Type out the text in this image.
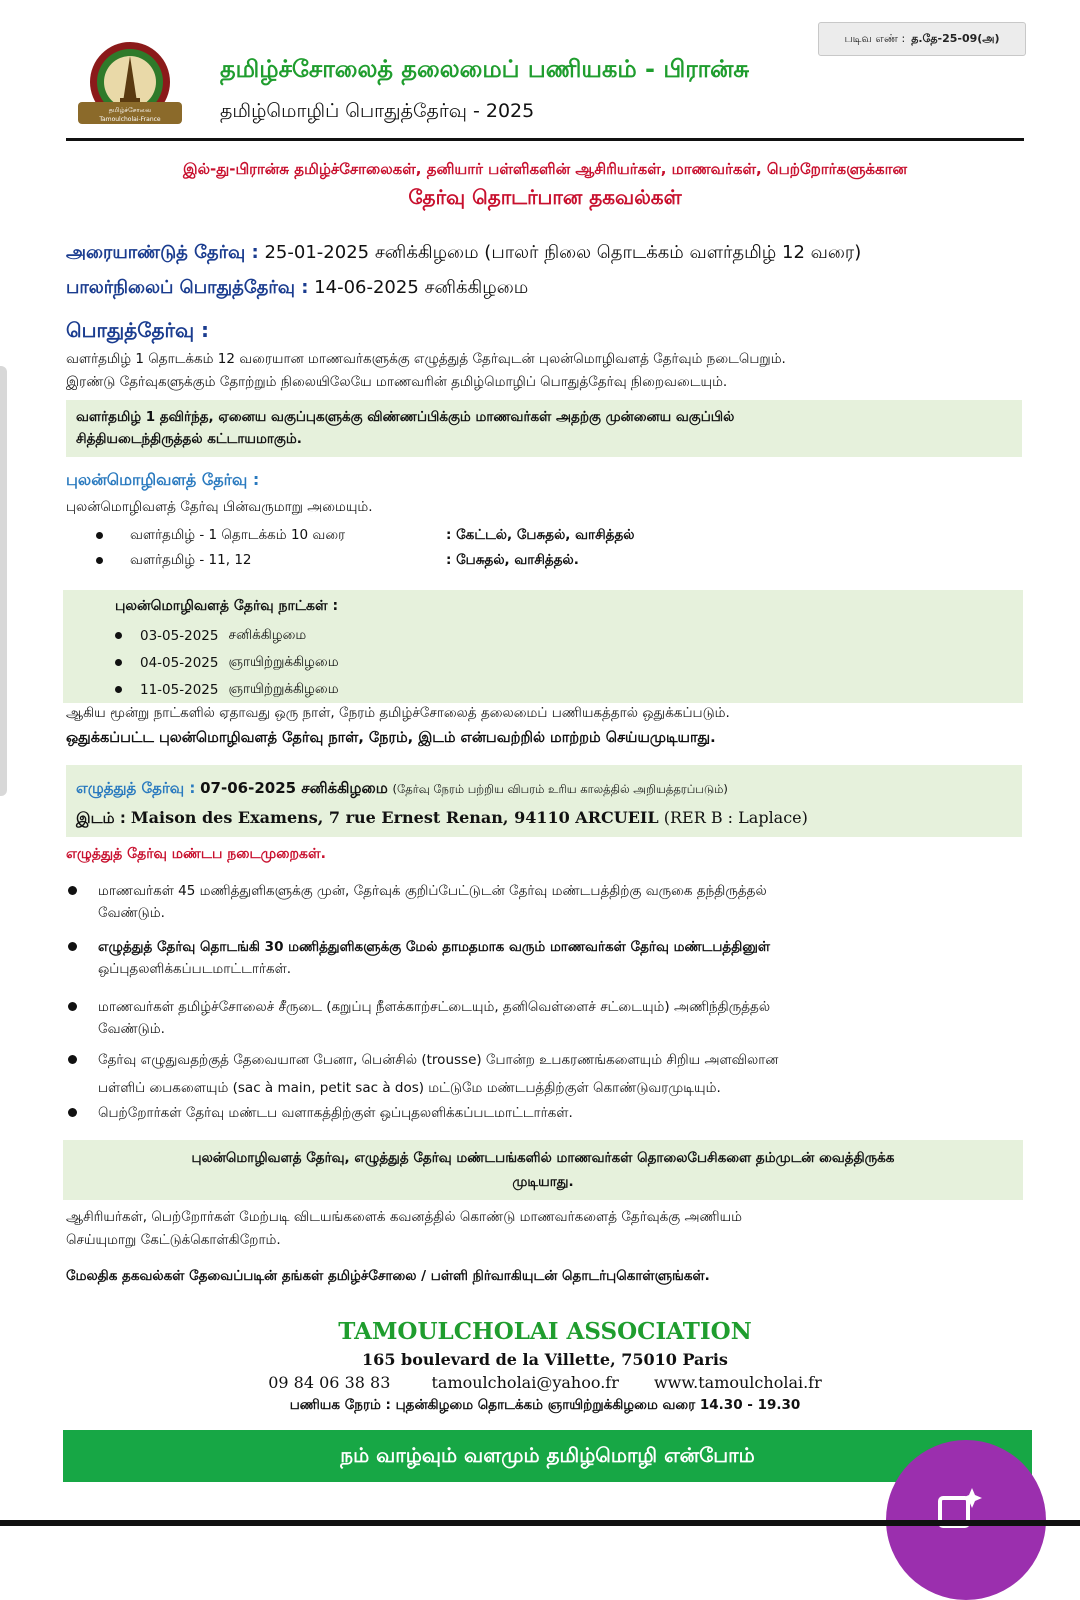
படிவ எண் : த.தே-25-09(அ)
தமிழ்ச்சோலை
Tamoulcholai-France
தமிழ்ச்சோலைத் தலைமைப் பணியகம் - பிரான்சு
தமிழ்மொழிப் பொதுத்தேர்வு - 2025
இல்-து-பிரான்சு தமிழ்ச்சோலைகள், தனியார் பள்ளிகளின் ஆசிரியர்கள், மாணவர்கள், பெற்றோர்களுக்கான
தேர்வு தொடர்பான தகவல்கள்
அரையாண்டுத் தேர்வு : 25-01-2025 சனிக்கிழமை (பாலர் நிலை தொடக்கம் வளர்தமிழ் 12 வரை)
பாலர்நிலைப் பொதுத்தேர்வு : 14-06-2025 சனிக்கிழமை
பொதுத்தேர்வு :
வளர்தமிழ் 1 தொடக்கம் 12 வரையான மாணவர்களுக்கு எழுத்துத் தேர்வுடன் புலன்மொழிவளத் தேர்வும் நடைபெறும்.
இரண்டு தேர்வுகளுக்கும் தோற்றும் நிலையிலேயே மாணவரின் தமிழ்மொழிப் பொதுத்தேர்வு நிறைவடையும்.
வளர்தமிழ் 1 தவிர்ந்த, ஏனைய வகுப்புகளுக்கு விண்ணப்பிக்கும் மாணவர்கள் அதற்கு முன்னைய வகுப்பில்
சித்தியடைந்திருத்தல் கட்டாயமாகும்.
புலன்மொழிவளத் தேர்வு :
புலன்மொழிவளத் தேர்வு பின்வருமாறு அமையும்.
வளர்தமிழ் - 1 தொடக்கம் 10 வரை	: கேட்டல், பேசுதல், வாசித்தல்
வளர்தமிழ் - 11, 12	: பேசுதல், வாசித்தல்.
புலன்மொழிவளத் தேர்வு நாட்கள் :
03-05-2025 சனிக்கிழமை
04-05-2025 ஞாயிற்றுக்கிழமை
11-05-2025 ஞாயிற்றுக்கிழமை
ஆகிய மூன்று நாட்களில் ஏதாவது ஒரு நாள், நேரம் தமிழ்ச்சோலைத் தலைமைப் பணியகத்தால் ஒதுக்கப்படும்.
ஒதுக்கப்பட்ட புலன்மொழிவளத் தேர்வு நாள், நேரம், இடம் என்பவற்றில் மாற்றம் செய்யமுடியாது.
எழுத்துத் தேர்வு : 07-06-2025 சனிக்கிழமை (தேர்வு நேரம் பற்றிய விபரம் உரிய காலத்தில் அறியத்தரப்படும்)
இடம் : Maison des Examens, 7 rue Ernest Renan, 94110 ARCUEIL (RER B : Laplace)
எழுத்துத் தேர்வு மண்டப நடைமுறைகள்.
மாணவர்கள் 45 மணித்துளிகளுக்கு முன், தேர்வுக் குறிப்பேட்டுடன் தேர்வு மண்டபத்திற்கு வருகை தந்திருத்தல்
வேண்டும்.
எழுத்துத் தேர்வு தொடங்கி 30 மணித்துளிகளுக்கு மேல் தாமதமாக வரும் மாணவர்கள் தேர்வு மண்டபத்தினுள்
ஒப்புதலளிக்கப்படமாட்டார்கள்.
மாணவர்கள் தமிழ்ச்சோலைச் சீருடை (கறுப்பு நீளக்காற்சட்டையும், தனிவெள்ளைச் சட்டையும்) அணிந்திருத்தல்
வேண்டும்.
தேர்வு எழுதுவதற்குத் தேவையான பேனா, பென்சில் (trousse) போன்ற உபகரணங்களையும் சிறிய அளவிலான
பள்ளிப் பைகளையும் (sac à main, petit sac à dos) மட்டுமே மண்டபத்திற்குள் கொண்டுவரமுடியும்.
பெற்றோர்கள் தேர்வு மண்டப வளாகத்திற்குள் ஒப்புதலளிக்கப்படமாட்டார்கள்.
புலன்மொழிவளத் தேர்வு, எழுத்துத் தேர்வு மண்டபங்களில் மாணவர்கள் தொலைபேசிகளை தம்முடன் வைத்திருக்க
முடியாது.
ஆசிரியர்கள், பெற்றோர்கள் மேற்படி விடயங்களைக் கவனத்தில் கொண்டு மாணவர்களைத் தேர்வுக்கு அணியம்
செய்யுமாறு கேட்டுக்கொள்கிறோம்.
மேலதிக தகவல்கள் தேவைப்படின் தங்கள் தமிழ்ச்சோலை / பள்ளி நிர்வாகியுடன் தொடர்புகொள்ளுங்கள்.
TAMOULCHOLAI ASSOCIATION
165 boulevard de la Villette, 75010 Paris
09 84 06 38 83	tamoulcholai@yahoo.fr www.tamoulcholai.fr
பணியக நேரம் : புதன்கிழமை தொடக்கம் ஞாயிற்றுக்கிழமை வரை 14.30 - 19.30
நம் வாழ்வும் வளமும் தமிழ்மொழி என்போம்
